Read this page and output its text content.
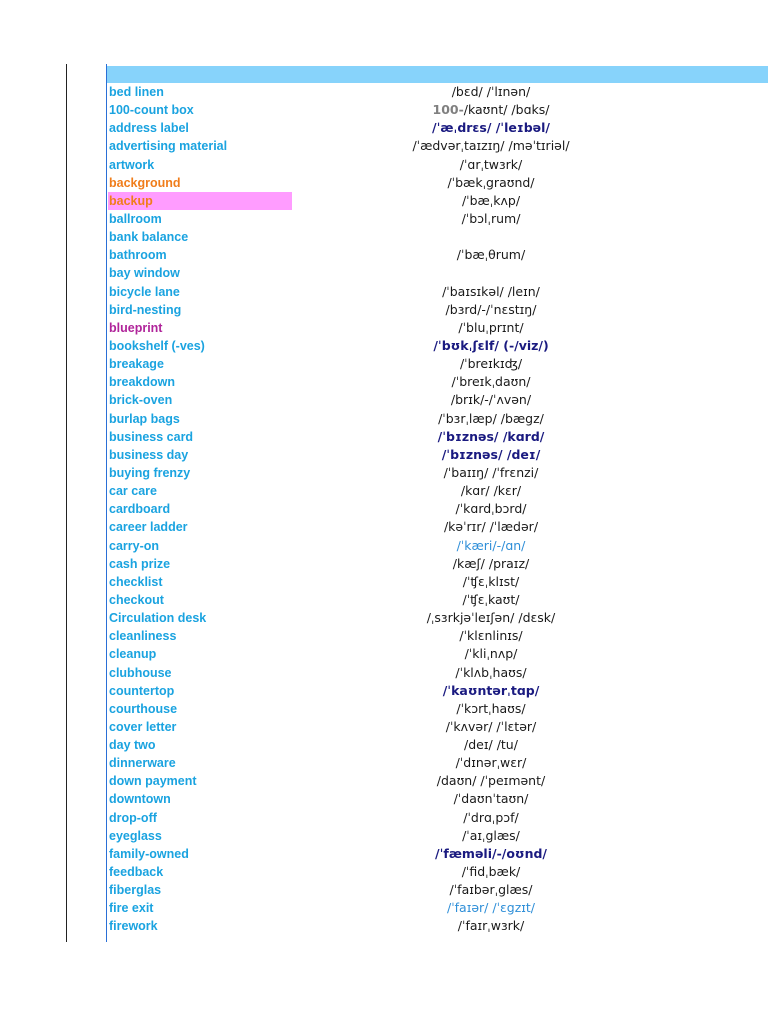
bed linen	/bɛd/ /ˈlɪnən/
100-count box	100-/kaʊnt/ /bɑks/
address label	/ˈæˌdrɛs/ /ˈleɪbəl/
advertising material	/ˈædvərˌtaɪzɪŋ/ /məˈtɪriəl/
artwork	/ˈɑrˌtwɜrk/
background	/ˈbækˌgraʊnd/
backup	/ˈbæˌkʌp/
ballroom	/ˈbɔlˌrum/
bank balance
bathroom	/ˈbæˌθrum/
bay window
bicycle lane	/ˈbaɪsɪkəl/ /leɪn/
bird-nesting	/bɜrd/-/ˈnɛstɪŋ/
blueprint	/ˈbluˌprɪnt/
bookshelf (-ves)	/ˈbʊkˌʃɛlf/ (-/viz/)
breakage	/ˈbreɪkɪʤ/
breakdown	/ˈbreɪkˌdaʊn/
brick-oven	/brɪk/-/ˈʌvən/
burlap bags	/ˈbɜrˌlæp/ /bægz/
business card	/ˈbɪznəs/ /kɑrd/
business day	/ˈbɪznəs/ /deɪ/
buying frenzy	/ˈbaɪɪŋ/ /ˈfrɛnzi/
car care	/kɑr/ /kɛr/
cardboard	/ˈkɑrdˌbɔrd/
career ladder	/kəˈrɪr/ /ˈlædər/
carry-on	/ˈkæri/-/ɑn/
cash prize	/kæʃ/ /praɪz/
checklist	/ˈʧɛˌklɪst/
checkout	/ˈʧɛˌkaʊt/
Circulation desk	/ˌsɜrkjəˈleɪʃən/ /dɛsk/
cleanliness	/ˈklɛnlinɪs/
cleanup	/ˈkliˌnʌp/
clubhouse	/ˈklʌbˌhaʊs/
countertop	/ˈkaʊntərˌtɑp/
courthouse	/ˈkɔrtˌhaʊs/
cover letter	/ˈkʌvər/ /ˈlɛtər/
day two	/deɪ/ /tu/
dinnerware	/ˈdɪnərˌwɛr/
down payment	/daʊn/ /ˈpeɪmənt/
downtown	/ˈdaʊnˈtaʊn/
drop-off	/ˈdrɑˌpɔf/
eyeglass	/ˈaɪˌglæs/
family-owned	/ˈfæməli/-/oʊnd/
feedback	/ˈfidˌbæk/
fiberglas	/ˈfaɪbərˌglæs/
fire exit	/ˈfaɪər/ /ˈɛgzɪt/
firework	/ˈfaɪrˌwɜrk/
